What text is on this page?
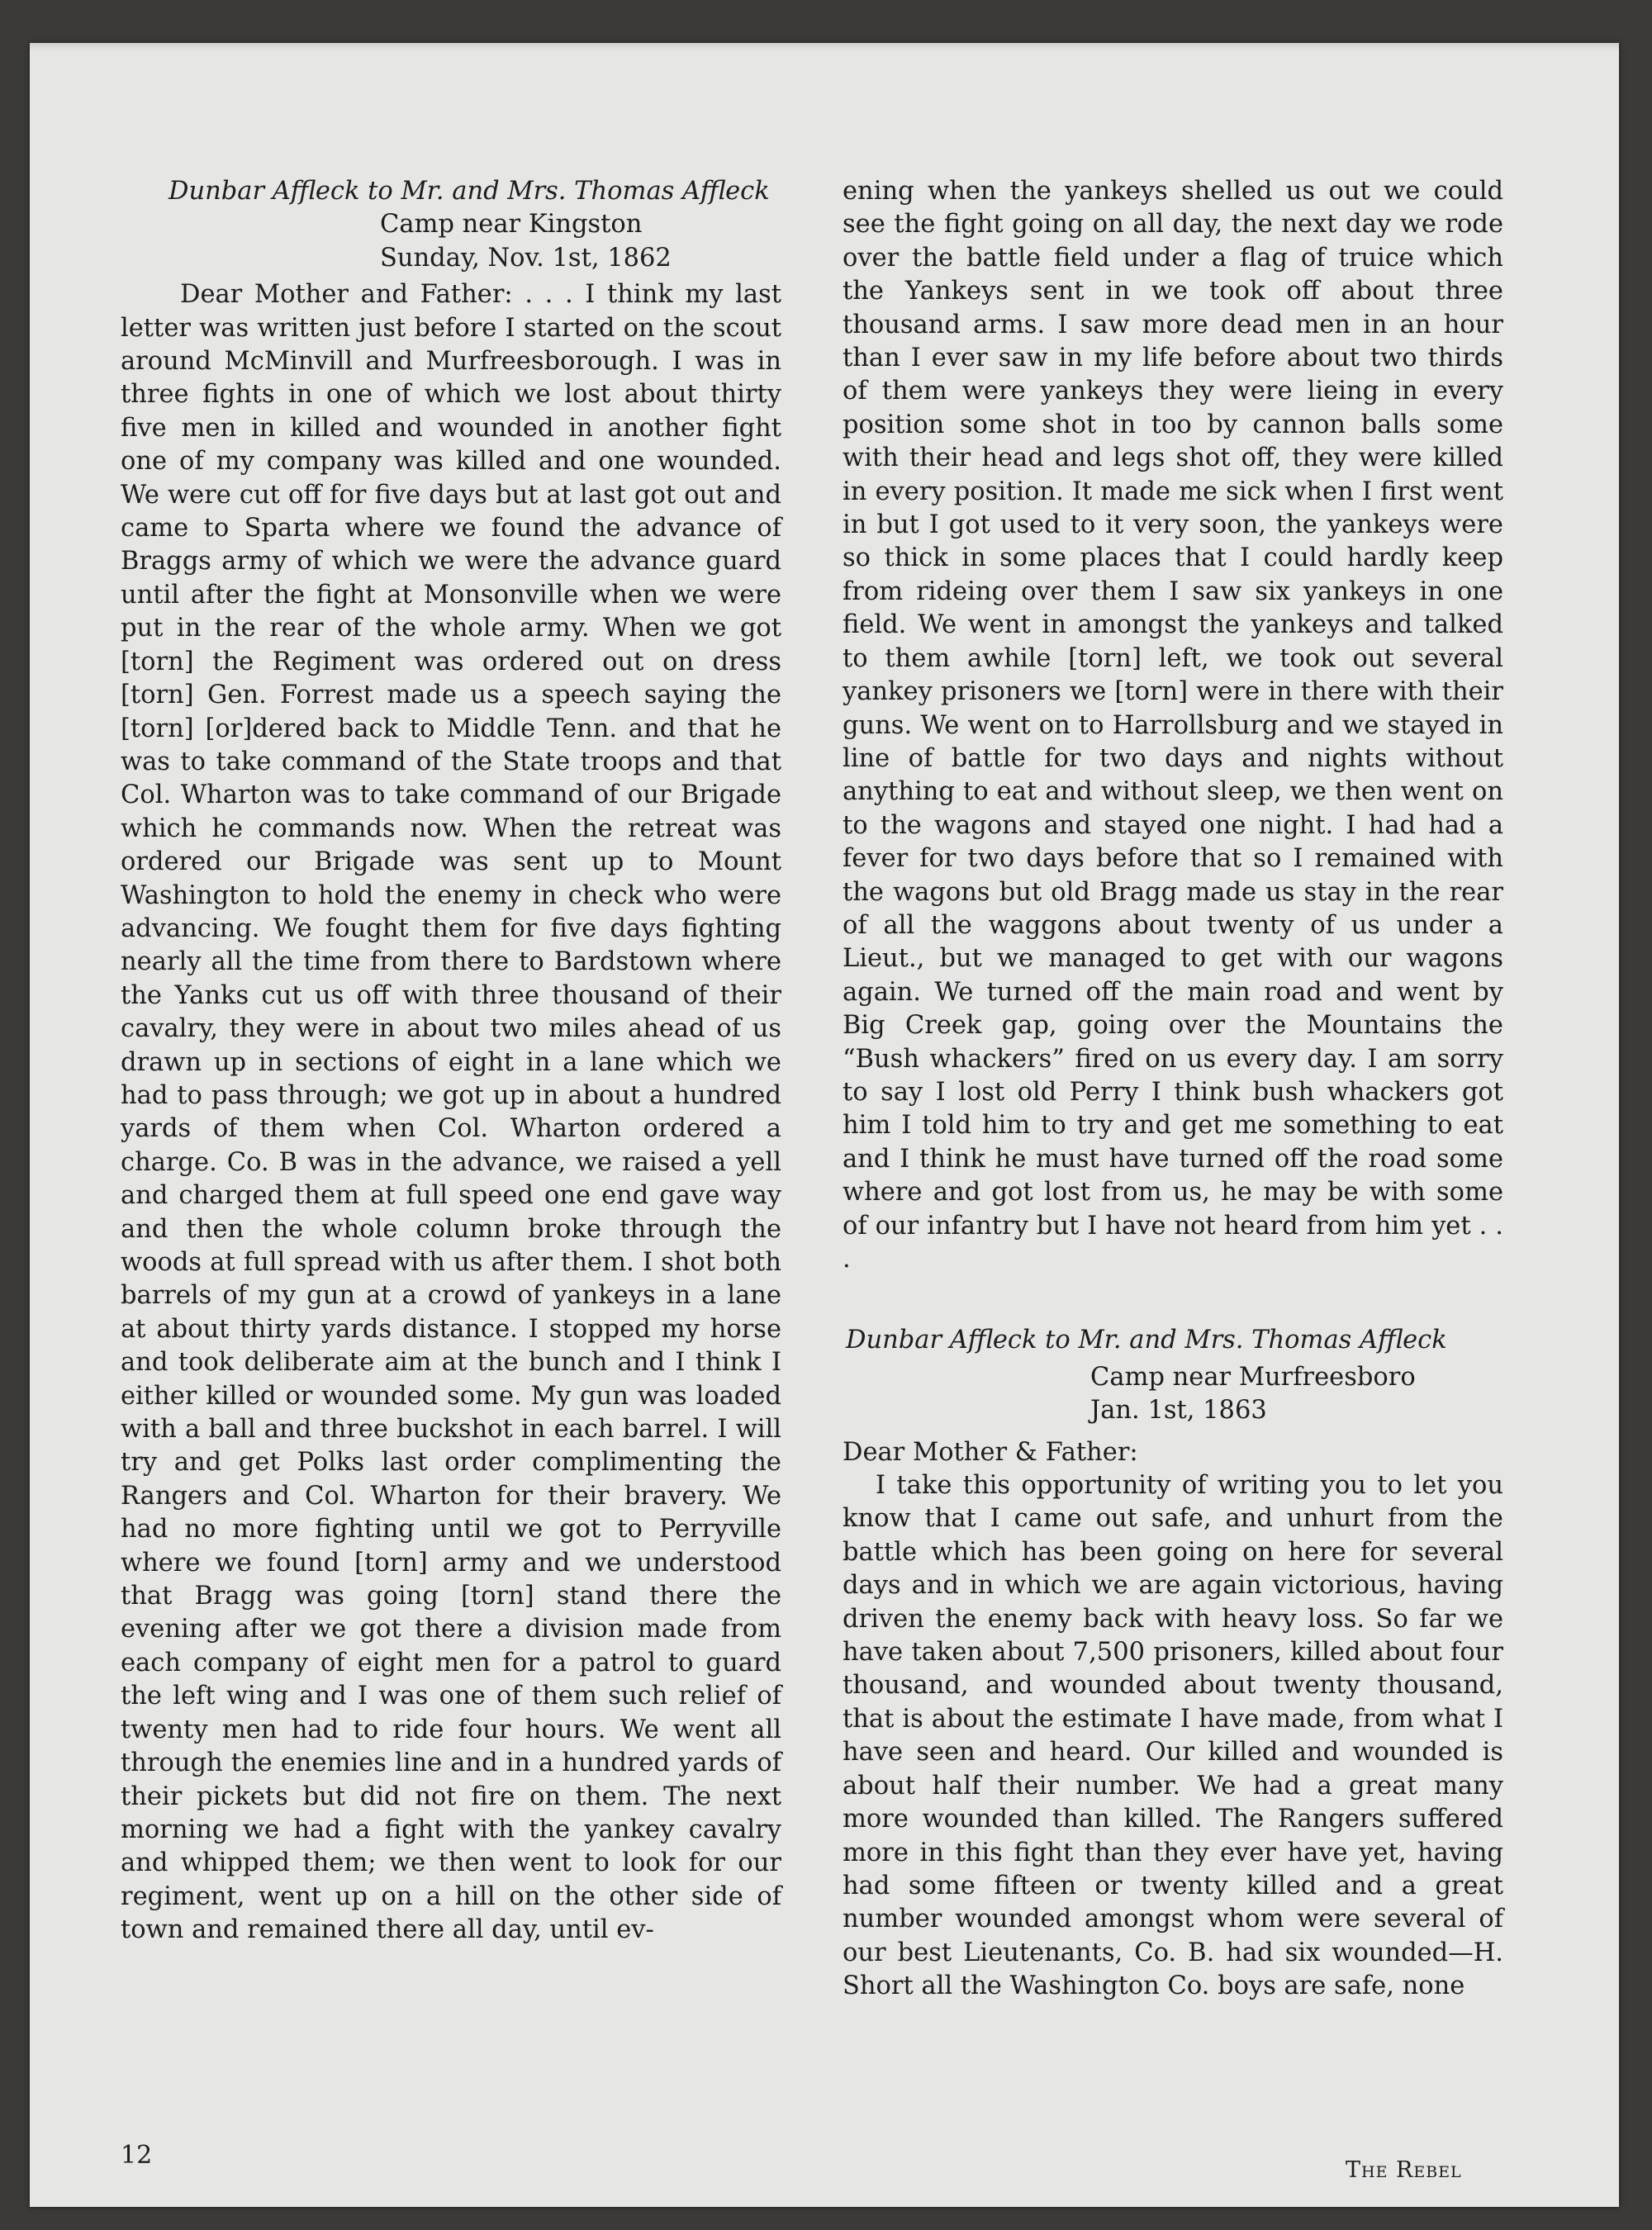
Dunbar Affleck to Mr. and Mrs. Thomas Affleck

Camp near Kingston
Sunday, Nov. 1st, 1862

Dear Mother and Father: . . . I think my last letter was written just before I started on the scout around McMinvill and Murfreesborough. I was in three fights in one of which we lost about thirty five men in killed and wounded in another fight one of my company was killed and one wounded. We were cut off for five days but at last got out and came to Sparta where we found the advance of Braggs army of which we were the advance guard until after the fight at Monsonville when we were put in the rear of the whole army. When we got [torn] the Regiment was ordered out on dress [torn] Gen. Forrest made us a speech saying the [torn] [or]dered back to Middle Tenn. and that he was to take command of the State troops and that Col. Wharton was to take command of our Brigade which he commands now. When the retreat was ordered our Brigade was sent up to Mount Washington to hold the enemy in check who were advancing. We fought them for five days fighting nearly all the time from there to Bardstown where the Yanks cut us off with three thousand of their cavalry, they were in about two miles ahead of us drawn up in sections of eight in a lane which we had to pass through; we got up in about a hundred yards of them when Col. Wharton ordered a charge. Co. B was in the advance, we raised a yell and charged them at full speed one end gave way and then the whole column broke through the woods at full spread with us after them. I shot both barrels of my gun at a crowd of yankeys in a lane at about thirty yards distance. I stopped my horse and took deliberate aim at the bunch and I think I either killed or wounded some. My gun was loaded with a ball and three buckshot in each barrel. I will try and get Polks last order complimenting the Rangers and Col. Wharton for their bravery. We had no more fighting until we got to Perryville where we found [torn] army and we understood that Bragg was going [torn] stand there the evening after we got there a division made from each company of eight men for a patrol to guard the left wing and I was one of them such relief of twenty men had to ride four hours. We went all through the enemies line and in a hundred yards of their pickets but did not fire on them. The next morning we had a fight with the yankey cavalry and whipped them; we then went to look for our regiment, went up on a hill on the other side of town and remained there all day, until ev-

ening when the yankeys shelled us out we could see the fight going on all day, the next day we rode over the battle field under a flag of truice which the Yankeys sent in we took off about three thousand arms. I saw more dead men in an hour than I ever saw in my life before about two thirds of them were yankeys they were lieing in every position some shot in too by cannon balls some with their head and legs shot off, they were killed in every position. It made me sick when I first went in but I got used to it very soon, the yankeys were so thick in some places that I could hardly keep from rideing over them I saw six yankeys in one field. We went in amongst the yankeys and talked to them awhile [torn] left, we took out several yankey prisoners we [torn] were in there with their guns. We went on to Harrollsburg and we stayed in line of battle for two days and nights without anything to eat and without sleep, we then went on to the wagons and stayed one night. I had had a fever for two days before that so I remained with the wagons but old Bragg made us stay in the rear of all the waggons about twenty of us under a Lieut., but we managed to get with our wagons again. We turned off the main road and went by Big Creek gap, going over the Mountains the “Bush whackers” fired on us every day. I am sorry to say I lost old Perry I think bush whackers got him I told him to try and get me something to eat and I think he must have turned off the road some where and got lost from us, he may be with some of our infantry but I have not heard from him yet . . .

Dunbar Affleck to Mr. and Mrs. Thomas Affleck

Camp near Murfreesboro
Jan. 1st, 1863

Dear Mother & Father:

I take this opportunity of writing you to let you know that I came out safe, and unhurt from the battle which has been going on here for several days and in which we are again victorious, having driven the enemy back with heavy loss. So far we have taken about 7,500 prisoners, killed about four thousand, and wounded about twenty thousand, that is about the estimate I have made, from what I have seen and heard. Our killed and wounded is about half their number. We had a great many more wounded than killed. The Rangers suffered more in this fight than they ever have yet, having had some fifteen or twenty killed and a great number wounded amongst whom were several of our best Lieutenants, Co. B. had six wounded—H. Short all the Washington Co. boys are safe, none

12
The Rebel
